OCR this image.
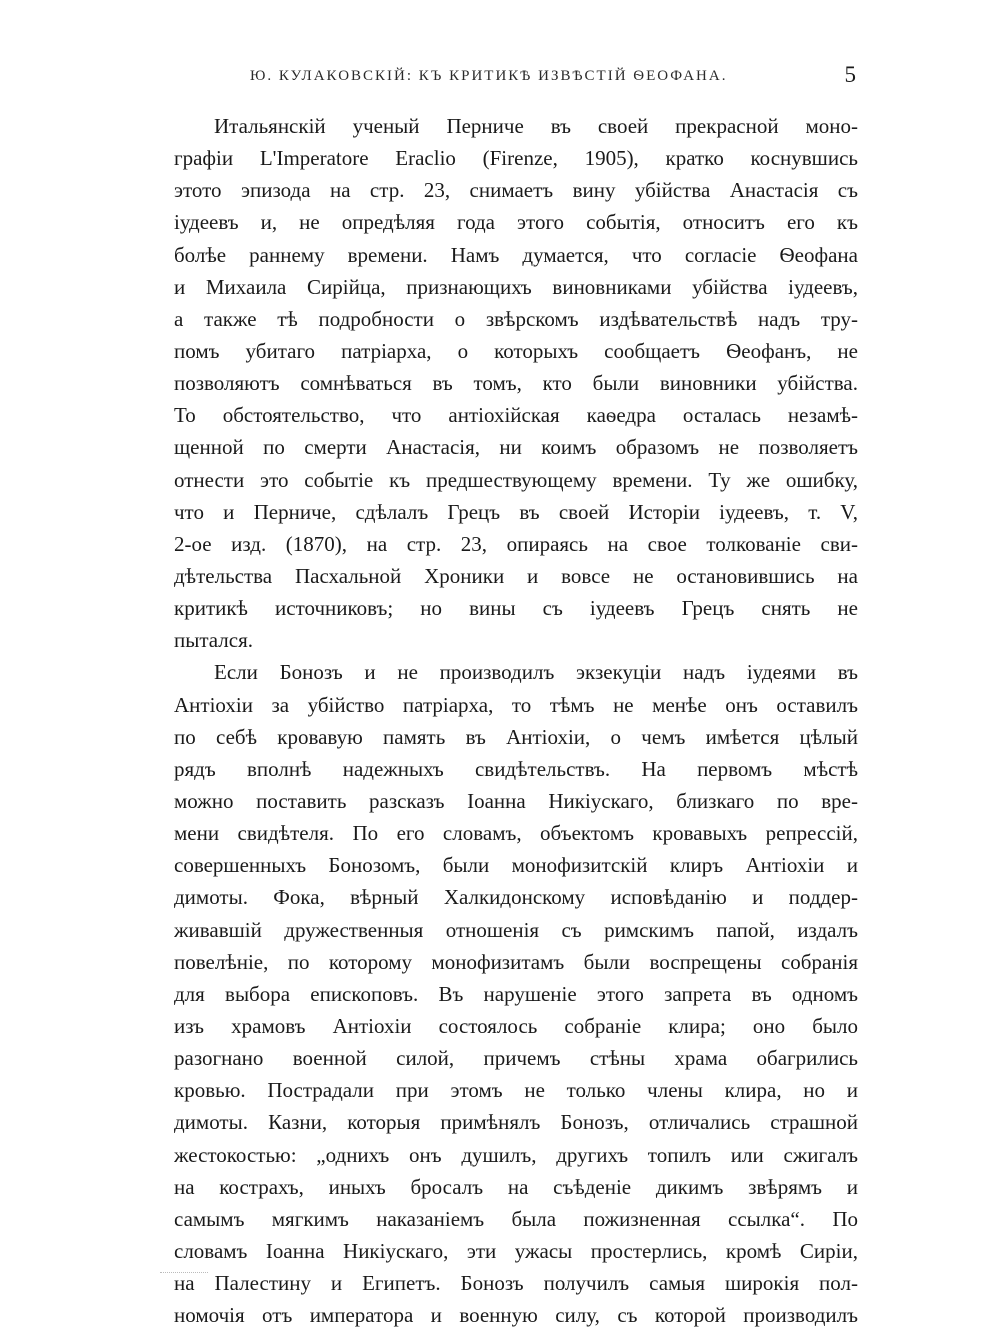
Ю. КУЛАКОВСКІЙ: КЪ КРИТИКѢ ИЗВѢСТІЙ ѲЕОФАНА.	5
Итальянскій ученый Перниче въ своей прекрасной моно-
графіи L'Imperatore Eraclio (Firenze, 1905), кратко коснувшись
этото эпизода на стр. 23, снимаетъ вину убійства Анастасія съ
іудеевъ и, не опредѣляя года этого событія, относитъ его къ
болѣе раннему времени. Намъ думается, что согласіе Ѳеофана
и Михаила Сирійца, признающихъ виновниками убійства іудеевъ,
а также тѣ подробности о звѣрскомъ издѣвательствѣ надъ тру-
помъ убитаго патріарха, о которыхъ сообщаетъ Ѳеофанъ, не
позволяютъ сомнѣваться въ томъ, кто были виновники убійства.
То обстоятельство, что антіохійская каѳедра осталась незамѣ-
щенной по смерти Анастасія, ни коимъ образомъ не позволяетъ
отнести это событіе къ предшествующему времени. Ту же ошибку,
что и Перниче, сдѣлалъ Грецъ въ своей Исторіи іудеевъ, т. V,
2-ое изд. (1870), на стр. 23, опираясь на свое толкованіе сви-
дѣтельства Пасхальной Хроники и вовсе не остановившись на
критикѣ источниковъ; но вины съ іудеевъ Грецъ снять не
пытался.
Если Бонозъ и не производилъ экзекуціи надъ іудеями въ
Антіохіи за убійство патріарха, то тѣмъ не менѣе онъ оставилъ
по себѣ кровавую память въ Антіохіи, о чемъ имѣется цѣлый
рядъ вполнѣ надежныхъ свидѣтельствъ. На первомъ мѣстѣ
можно поставить разсказъ Іоанна Никіускаго, близкаго по вре-
мени свидѣтеля. По его словамъ, объектомъ кровавыхъ репрессій,
совершенныхъ Бонозомъ, были монофизитскій клиръ Антіохіи и
димоты. Фока, вѣрный Халкидонскому исповѣданію и поддер-
живавшій дружественныя отношенія съ римскимъ папой, издалъ
повелѣніе, по которому монофизитамъ были воспрещены собранія
для выбора епископовъ. Въ нарушеніе этого запрета въ одномъ
изъ храмовъ Антіохіи состоялось собраніе клира; оно было
разогнано военной силой, причемъ стѣны храма обагрились
кровью. Пострадали при этомъ не только члены клира, но и
димоты. Казни, которыя примѣнялъ Бонозъ, отличались страшной
жестокостью: „однихъ онъ душилъ, другихъ топилъ или сжигалъ
на кострахъ, иныхъ бросалъ на съѣденіе дикимъ звѣрямъ и
самымъ мягкимъ наказаніемъ была пожизненная ссылка“. По
словамъ Іоанна Никіускаго, эти ужасы простерлись, кромѣ Сиріи,
на Палестину и Египетъ. Бонозъ получилъ самыя широкія пол-
номочія отъ императора и военную силу, съ которой производилъ
